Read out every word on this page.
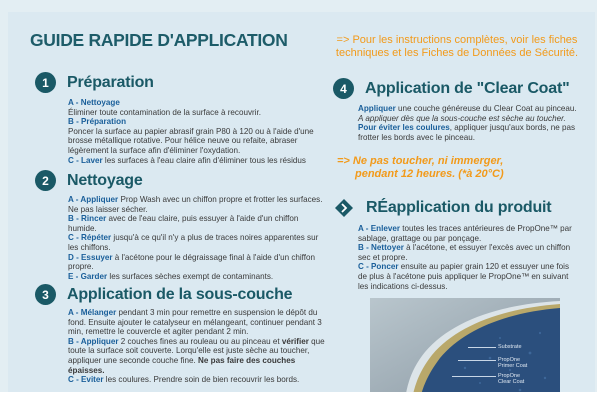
GUIDE RAPIDE D'APPLICATION	=> Pour les instructions complètes, voir les fiches techniques et les Fiches de Données de Sécurité.
1	Préparation
A - Nettoyage
Éliminer toute contamination de la surface à recouvrir.
B - Préparation
Poncer la surface au papier abrasif grain P80 à 120 ou à l'aide d'une brosse métallique rotative. Pour hélice neuve ou refaite, abraser légèrement la surface afin d'éliminer l'oxydation.
C - Laver les surfaces à l'eau claire afin d'éliminer tous les résidus
2	Nettoyage
A - Appliquer Prop Wash avec un chiffon propre et frotter les surfaces. Ne pas laisser sécher.
B - Rincer avec de l'eau claire, puis essuyer à l'aide d'un chiffon humide.
C - Répéter jusqu'à ce qu'il n'y a plus de traces noires apparentes sur les chiffons.
D - Essuyer à l'acétone pour le dégraissage final à l'aide d'un chiffon propre.
E - Garder les surfaces sèches exempt de contaminants.
3	Application de la sous-couche
A - Mélanger pendant 3 min pour remettre en suspension le dépôt du fond. Ensuite ajouter le catalyseur en mélangeant, continuer pendant 3 min, remettre le couvercle et agiter pendant 2 min.
B - Appliquer 2 couches fines au rouleau ou au pinceau et vérifier que toute la surface soit couverte. Lorqu'elle est juste sèche au toucher, appliquer une seconde couche fine. Ne pas faire des couches épaisses.
C - Eviter les coulures. Prendre soin de bien recouvrir les bords.
4	Application de "Clear Coat"
Appliquer une couche généreuse du Clear Coat au pinceau. A appliquer dès que la sous-couche est sèche au toucher.
Pour éviter les coulures, appliquer jusqu'aux bords, ne pas frotter les bords avec le pinceau.
=> Ne pas toucher, ni immerger,
pendant 12 heures. (*à 20°C)
RÉapplication du produit
A - Enlever toutes les traces antérieures de PropOne™ par sablage, grattage ou par ponçage.
B - Nettoyer à l'acétone, et essuyer l'excès avec un chiffon sec et propre.
C - Poncer ensuite au papier grain 120 et essuyer une fois de plus à l'acétone puis appliquer le PropOne™ en suivant les indications ci-dessus.
Substrate
PropOne
Primer Coat
PropOne
Clear Coat
